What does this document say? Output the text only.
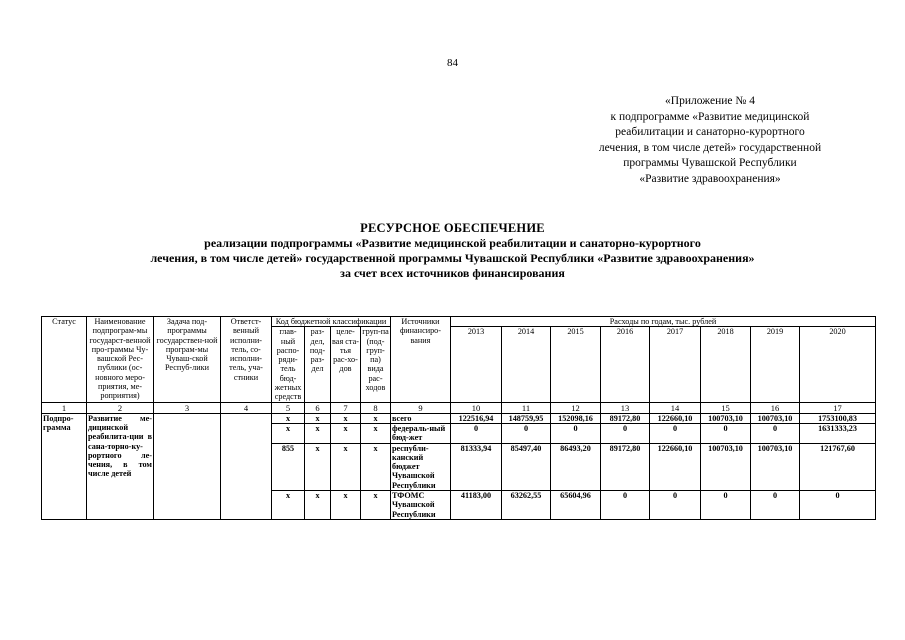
84
«Приложение № 4
к подпрограмме «Развитие медицинской
реабилитации и санаторно-курортного
лечения, в том числе детей» государственной
программы Чувашской Республики
«Развитие здравоохранения»
РЕСУРСНОЕ ОБЕСПЕЧЕНИЕ
реализации подпрограммы «Развитие медицинской реабилитации и санаторно-курортного
лечения, в том числе детей» государственной программы Чувашской Республики «Развитие здравоохранения»
за счет всех источников финансирования
Статус	Наименование подпрограм-мы государст-венной про-граммы Чу-вашской Рес-публики (ос-новного меро-приятия, ме-роприятия)	Задача под-программы государствен-ной програм-мы Чуваш-ской Респуб-лики	Ответст-венный исполни-тель, со-исполни-тель, уча-стники	Код бюджетной классификации				Источники финансиро-вания	Расходы по годам, тыс. рублей							
				глав-ный распо-ряди-тель бюд-жетных средств	раз-дел, под-раз-дел	целе-вая ста-тья рас-хо-дов	груп-па (под-груп-па) вида рас-ходов		2013	2014	2015	2016	2017	2018	2019	2020
1	2	3	4	5	6	7	8	9	10	11	12	13	14	15	16	17
Подпро-грамма	Развитие ме-дицинской реабилита-ции в сана-торно-ку-рортного ле-чения, в том числе детей			x	x	x	x	всего	122516,94	148759,95	152098,16	89172,80	122660,10	100703,10	100703,10	1753100,83
				x	x	x	x	федераль-ный бюд-жет	0	0	0	0	0	0	0	1631333,23
				855	x	x	x	республи-канский бюджет Чувашской Республики	81333,94	85497,40	86493,20	89172,80	122660,10	100703,10	100703,10	121767,60
				x	x	x	x	ТФОМС Чувашской Республики	41183,00	63262,55	65604,96	0	0	0	0	0
